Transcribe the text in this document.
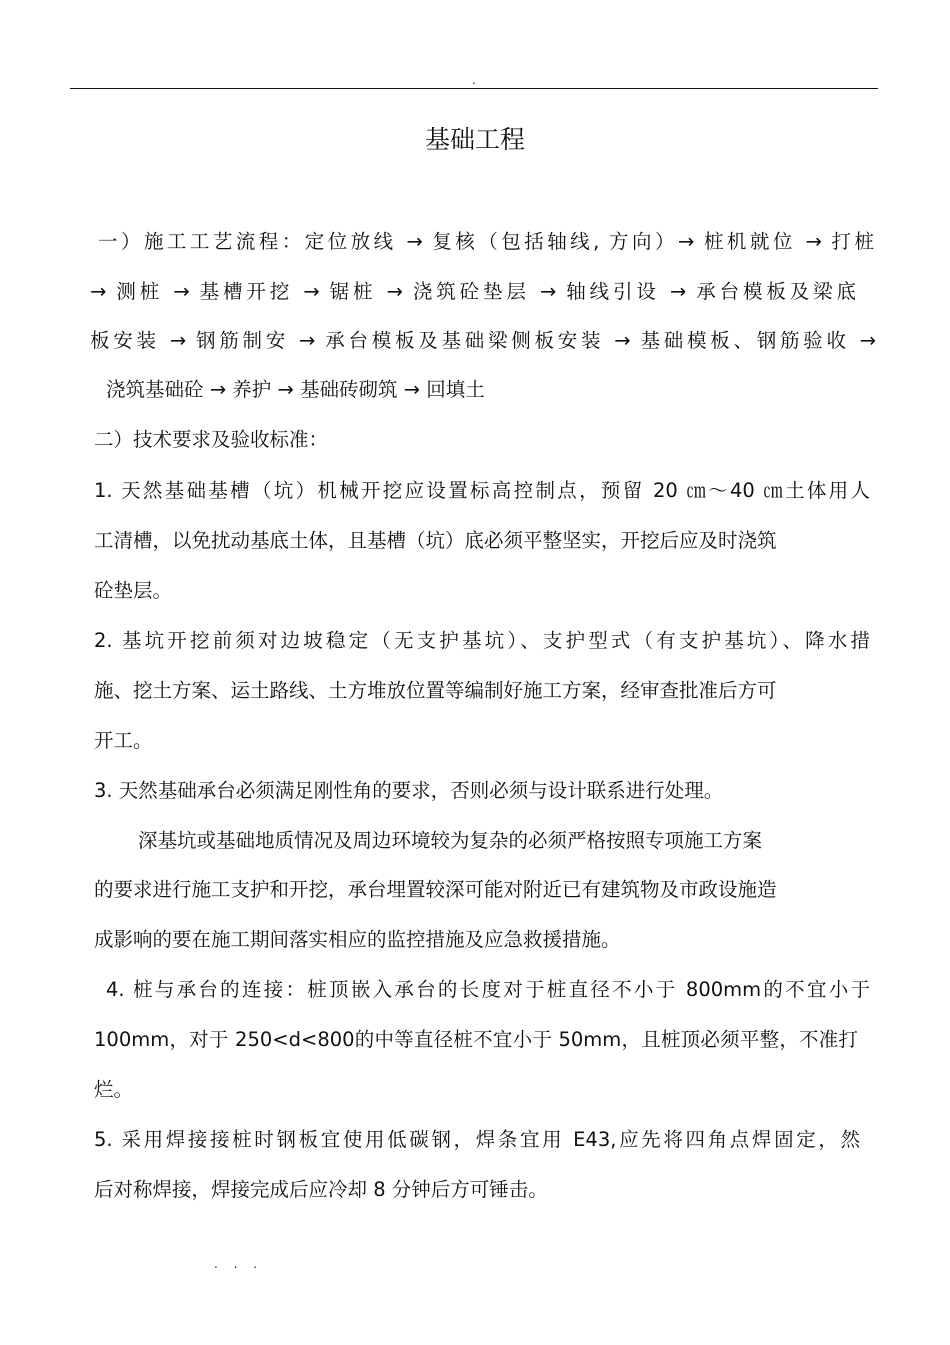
.
基础工程
一）施工工艺流程：定位放线 → 复核（包括轴线, 方向）→ 桩机就位 → 打桩
→ 测桩 → 基槽开挖 → 锯桩 → 浇筑砼垫层 → 轴线引设 → 承台模板及梁底
板安装 → 钢筋制安 → 承台模板及基础梁侧板安装 → 基础模板、钢筋验收 →
浇筑基础砼 → 养护 → 基础砖砌筑 → 回填土
二）技术要求及验收标准：
1. 天然基础基槽（坑）机械开挖应设置标高控制点，预留 20 ㎝～40 ㎝土体用人
工清槽，以免扰动基底土体，且基槽（坑）底必须平整坚实，开挖后应及时浇筑
砼垫层。
2. 基坑开挖前须对边坡稳定（无支护基坑）、支护型式（有支护基坑）、降水措
施、挖土方案、运土路线、土方堆放位置等编制好施工方案，经审查批准后方可
开工。
3. 天然基础承台必须满足刚性角的要求，否则必须与设计联系进行处理。
深基坑或基础地质情况及周边环境较为复杂的必须严格按照专项施工方案
的要求进行施工支护和开挖，承台埋置较深可能对附近已有建筑物及市政设施造
成影响的要在施工期间落实相应的监控措施及应急救援措施。
4. 桩与承台的连接：桩顶嵌入承台的长度对于桩直径不小于 800mm的不宜小于
100mm，对于 250<d<800的中等直径桩不宜小于 50mm，且桩顶必须平整，不准打
烂。
5. 采用焊接接桩时钢板宜使用低碳钢，焊条宜用 E43,应先将四角点焊固定，然
后对称焊接，焊接完成后应冷却 8 分钟后方可锤击。
. . .
